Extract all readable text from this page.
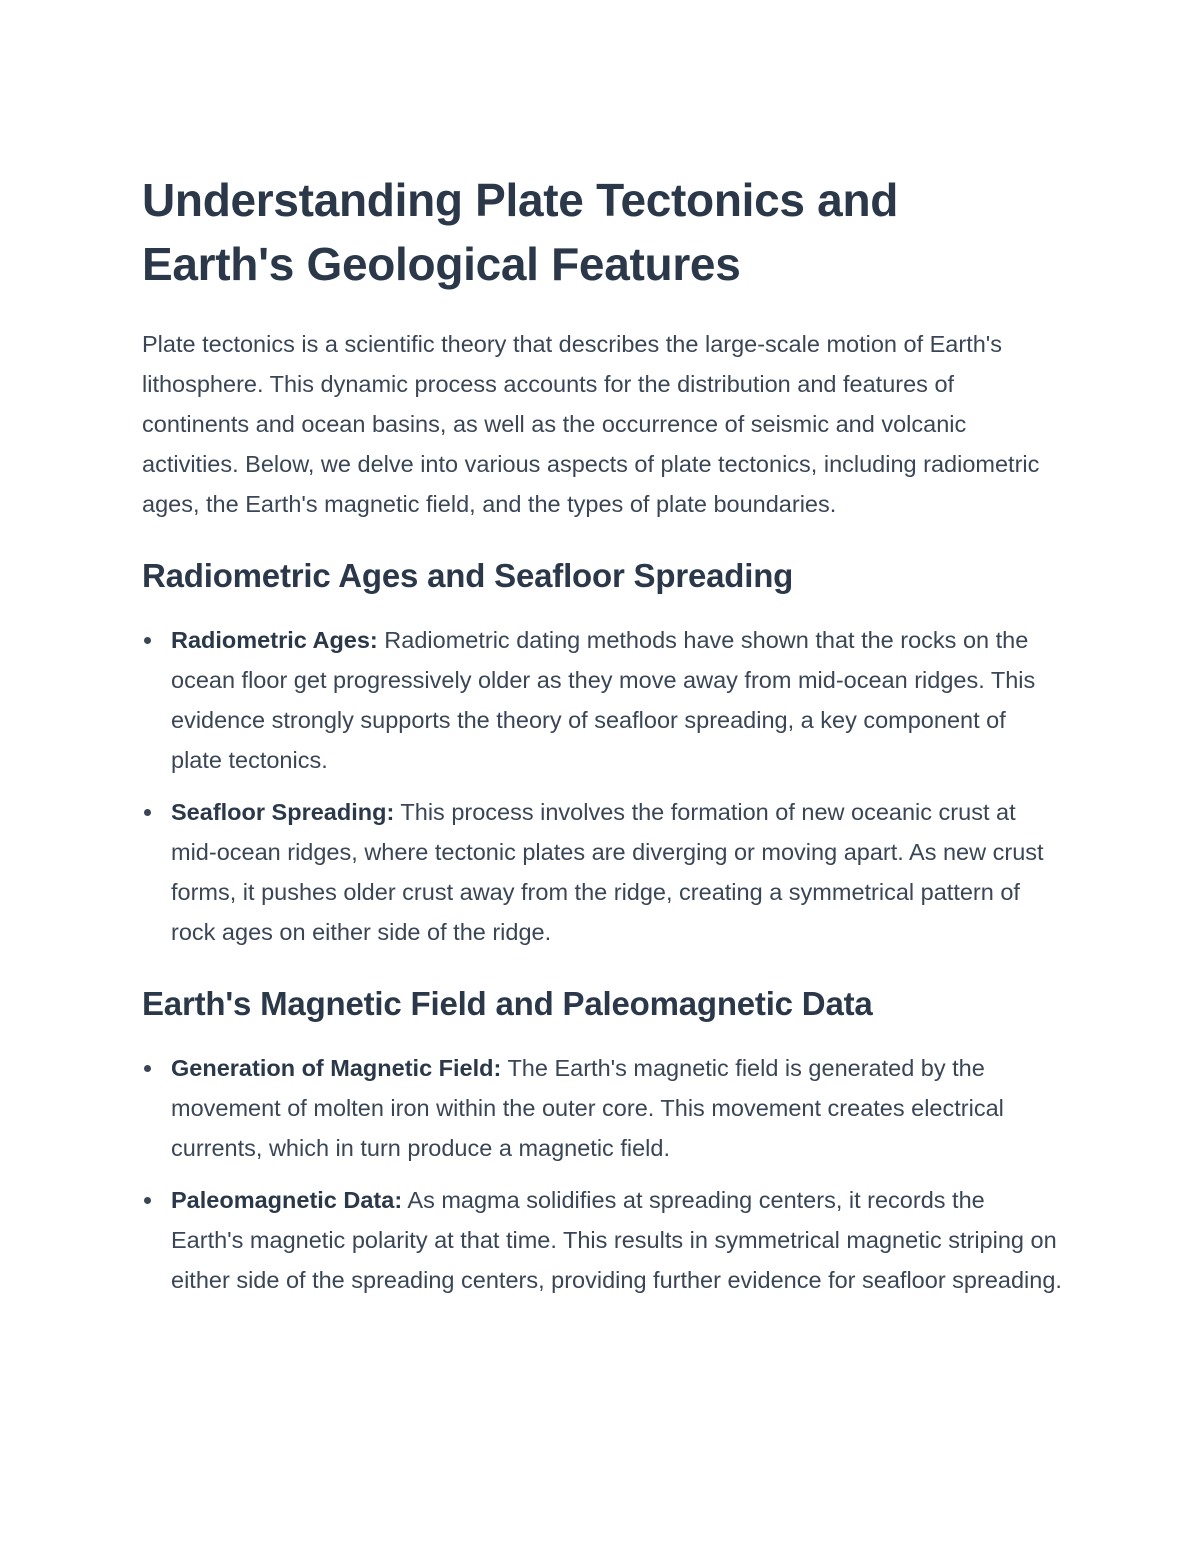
Understanding Plate Tectonics and Earth's Geological Features

Plate tectonics is a scientific theory that describes the large-scale motion of Earth's lithosphere. This dynamic process accounts for the distribution and features of continents and ocean basins, as well as the occurrence of seismic and volcanic activities. Below, we delve into various aspects of plate tectonics, including radiometric ages, the Earth's magnetic field, and the types of plate boundaries.

Radiometric Ages and Seafloor Spreading
Radiometric Ages: Radiometric dating methods have shown that the rocks on the ocean floor get progressively older as they move away from mid-ocean ridges. This evidence strongly supports the theory of seafloor spreading, a key component of plate tectonics.
Seafloor Spreading: This process involves the formation of new oceanic crust at mid-ocean ridges, where tectonic plates are diverging or moving apart. As new crust forms, it pushes older crust away from the ridge, creating a symmetrical pattern of rock ages on either side of the ridge.
Earth's Magnetic Field and Paleomagnetic Data
Generation of Magnetic Field: The Earth's magnetic field is generated by the movement of molten iron within the outer core. This movement creates electrical currents, which in turn produce a magnetic field.
Paleomagnetic Data: As magma solidifies at spreading centers, it records the Earth's magnetic polarity at that time. This results in symmetrical magnetic striping on either side of the spreading centers, providing further evidence for seafloor spreading.
